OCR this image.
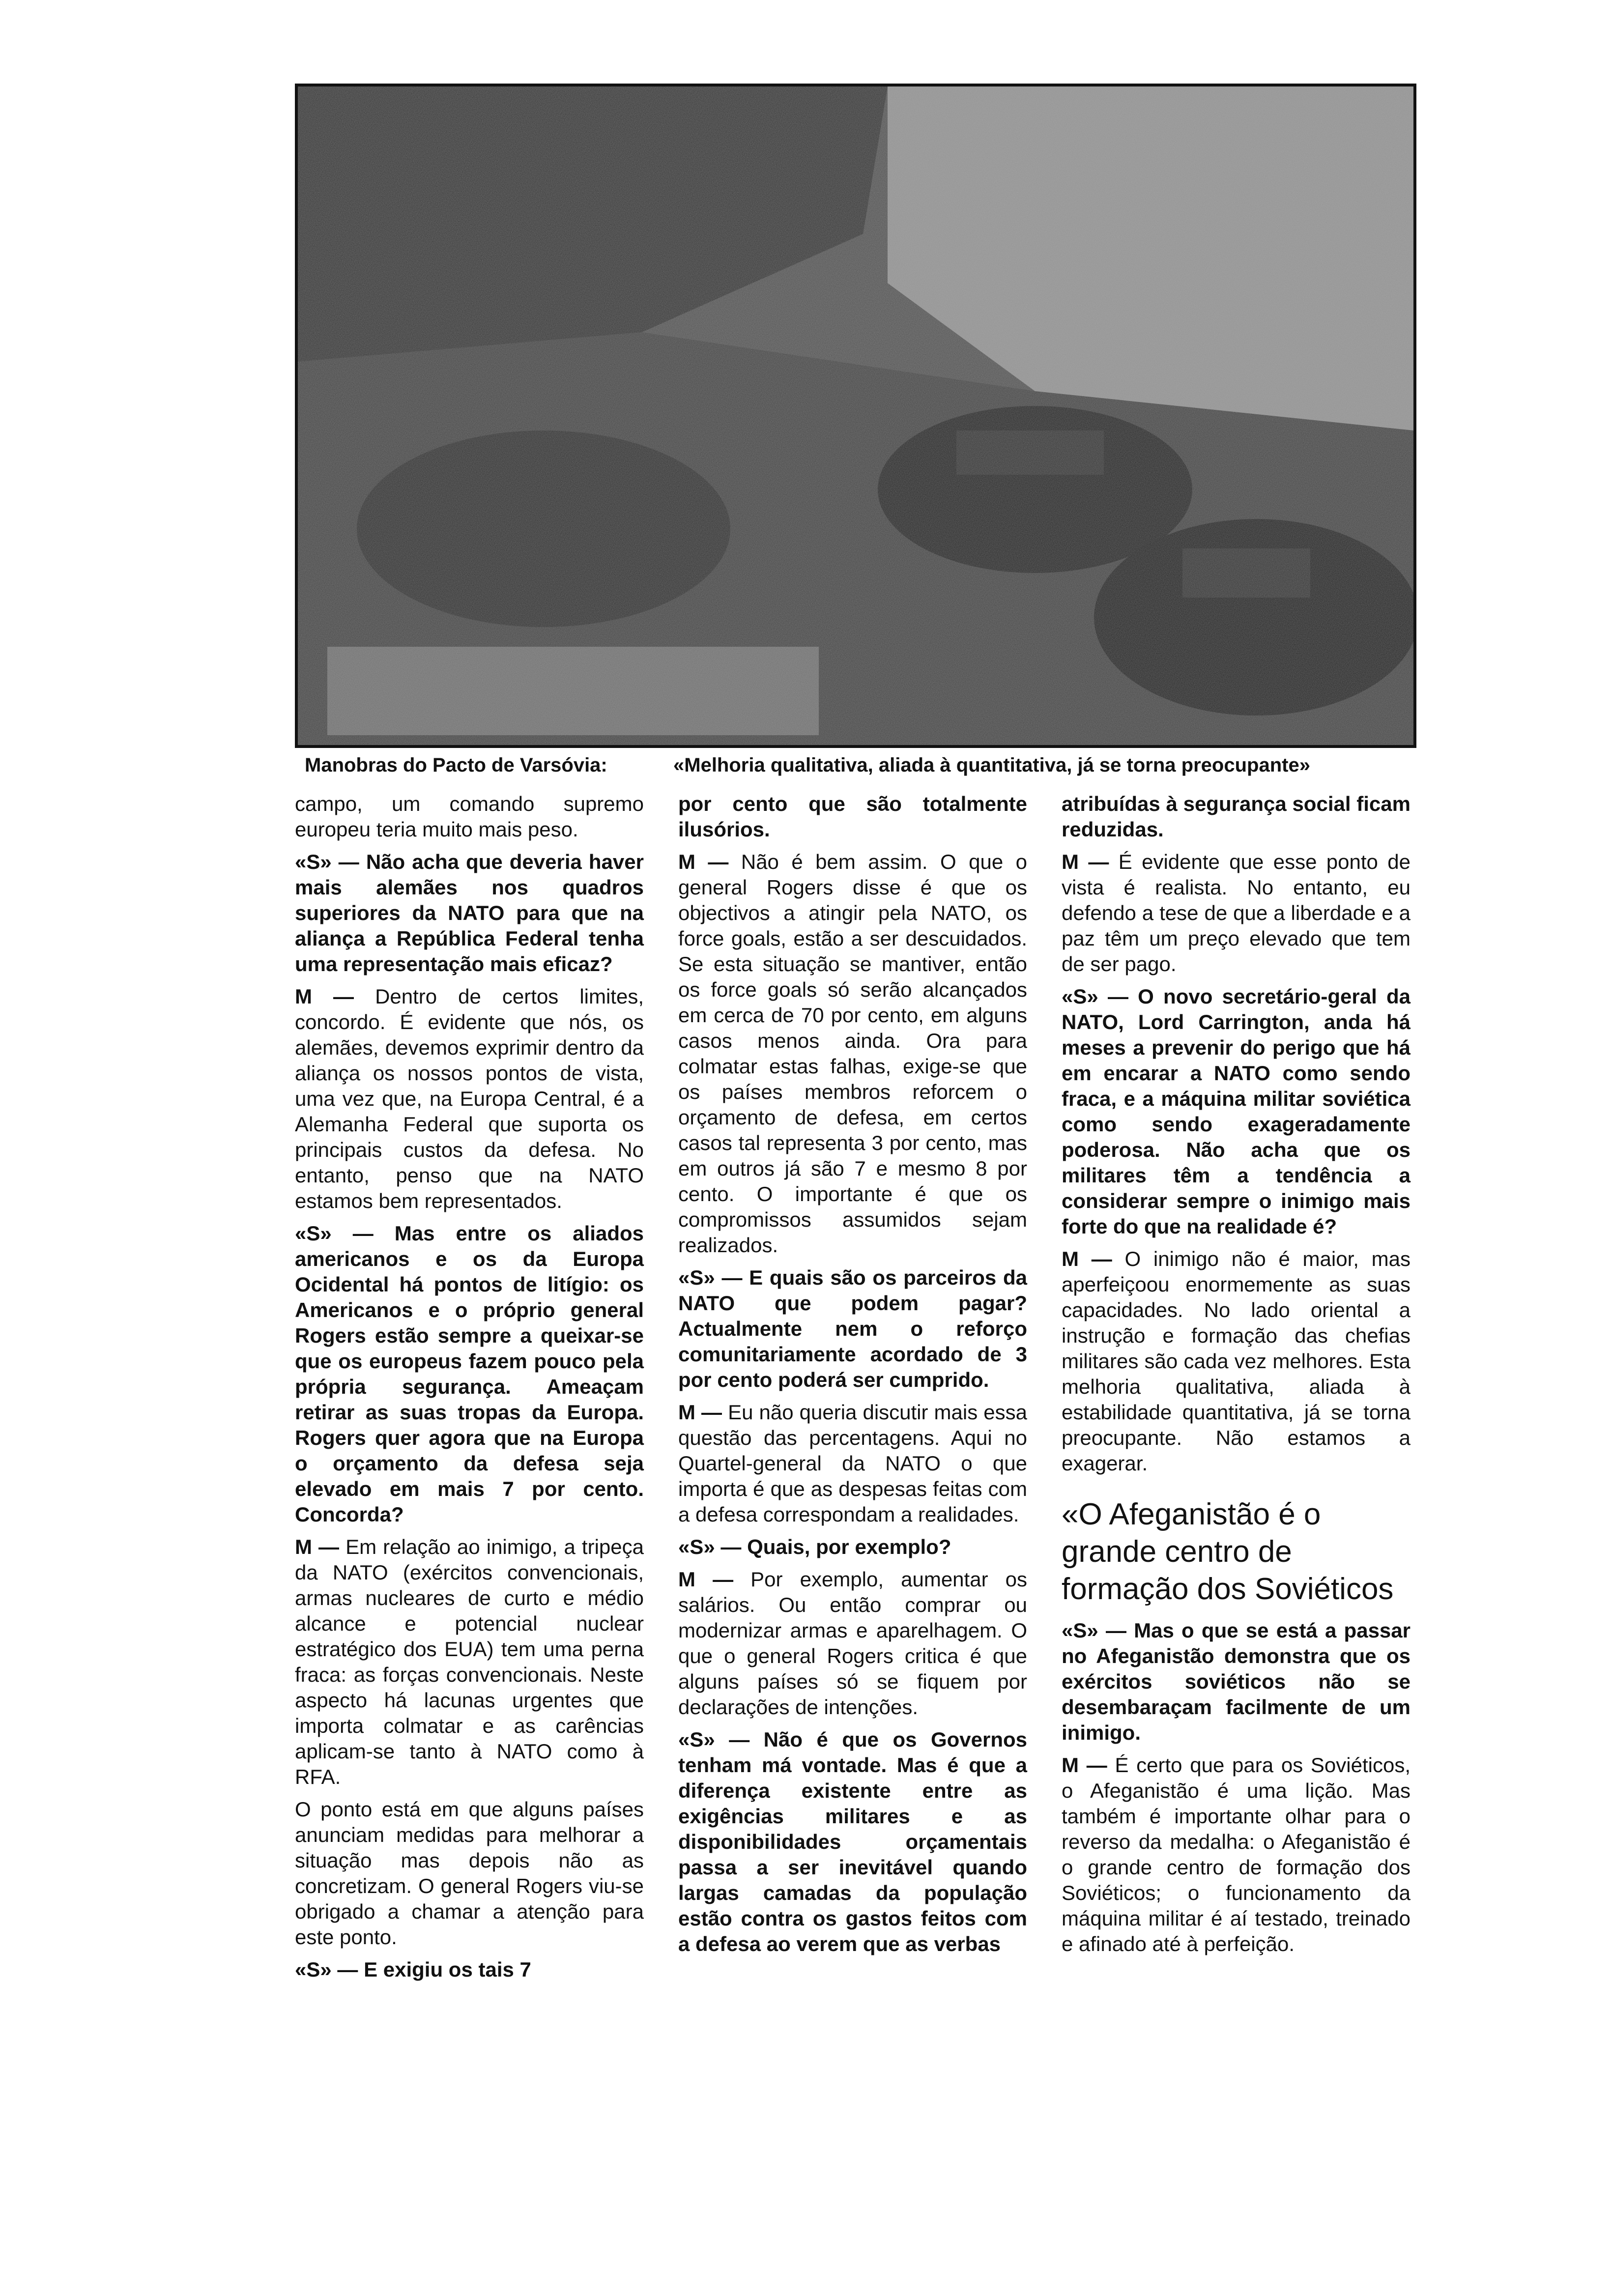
Manobras do Pacto de Varsóvia:	«Melhoria qualitativa, aliada à quantitativa, já se torna preocupante»

campo, um comando supremo europeu teria muito mais peso.

«S» — Não acha que deveria haver mais alemães nos quadros superiores da NATO para que na aliança a República Federal tenha uma representação mais eficaz?

M — Dentro de certos limites, concordo. É evidente que nós, os alemães, devemos exprimir dentro da aliança os nossos pontos de vista, uma vez que, na Europa Central, é a Alemanha Federal que suporta os principais custos da defesa. No entanto, penso que na NATO estamos bem representados.

«S» — Mas entre os aliados americanos e os da Europa Ocidental há pontos de litígio: os Americanos e o próprio general Rogers estão sempre a queixar-se que os europeus fazem pouco pela própria segurança. Ameaçam retirar as suas tropas da Europa. Rogers quer agora que na Europa o orçamento da defesa seja elevado em mais 7 por cento. Concorda?

M — Em relação ao inimigo, a tripeça da NATO (exércitos convencionais, armas nucleares de curto e médio alcance e potencial nuclear estratégico dos EUA) tem uma perna fraca: as forças convencionais. Neste aspecto há lacunas urgentes que importa colmatar e as carências aplicam-se tanto à NATO como à RFA.

O ponto está em que alguns países anunciam medidas para melhorar a situação mas depois não as concretizam. O general Rogers viu-se obrigado a chamar a atenção para este ponto.

«S» — E exigiu os tais 7

por cento que são totalmente ilusórios.

M — Não é bem assim. O que o general Rogers disse é que os objectivos a atingir pela NATO, os force goals, estão a ser descuidados. Se esta situação se mantiver, então os force goals só serão alcançados em cerca de 70 por cento, em alguns casos menos ainda. Ora para colmatar estas falhas, exige-se que os países membros reforcem o orçamento de defesa, em certos casos tal representa 3 por cento, mas em outros já são 7 e mesmo 8 por cento. O importante é que os compromissos assumidos sejam realizados.

«S» — E quais são os parceiros da NATO que podem pagar? Actualmente nem o reforço comunitariamente acordado de 3 por cento poderá ser cumprido.

M — Eu não queria discutir mais essa questão das percentagens. Aqui no Quartel-general da NATO o que importa é que as despesas feitas com a defesa correspondam a realidades.

«S» — Quais, por exemplo?

M — Por exemplo, aumentar os salários. Ou então comprar ou modernizar armas e aparelhagem. O que o general Rogers critica é que alguns países só se fiquem por declarações de intenções.

«S» — Não é que os Governos tenham má vontade. Mas é que a diferença existente entre as exigências militares e as disponibilidades orçamentais passa a ser inevitável quando largas camadas da população estão contra os gastos feitos com a defesa ao verem que as verbas

atribuídas à segurança social ficam reduzidas.

M — É evidente que esse ponto de vista é realista. No entanto, eu defendo a tese de que a liberdade e a paz têm um preço elevado que tem de ser pago.

«S» — O novo secretário-geral da NATO, Lord Carrington, anda há meses a prevenir do perigo que há em encarar a NATO como sendo fraca, e a máquina militar soviética como sendo exageradamente poderosa. Não acha que os militares têm a tendência a considerar sempre o inimigo mais forte do que na realidade é?

M — O inimigo não é maior, mas aperfeiçoou enormemente as suas capacidades. No lado oriental a instrução e formação das chefias militares são cada vez melhores. Esta melhoria qualitativa, aliada à estabilidade quantitativa, já se torna preocupante. Não estamos a exagerar.

«O Afeganistão é o grande centro de formação dos Soviéticos

«S» — Mas o que se está a passar no Afeganistão demonstra que os exércitos soviéticos não se desembaraçam facilmente de um inimigo.

M — É certo que para os Soviéticos, o Afeganistão é uma lição. Mas também é importante olhar para o reverso da medalha: o Afeganistão é o grande centro de formação dos Soviéticos; o funcionamento da máquina militar é aí testado, treinado e afinado até à perfeição.
